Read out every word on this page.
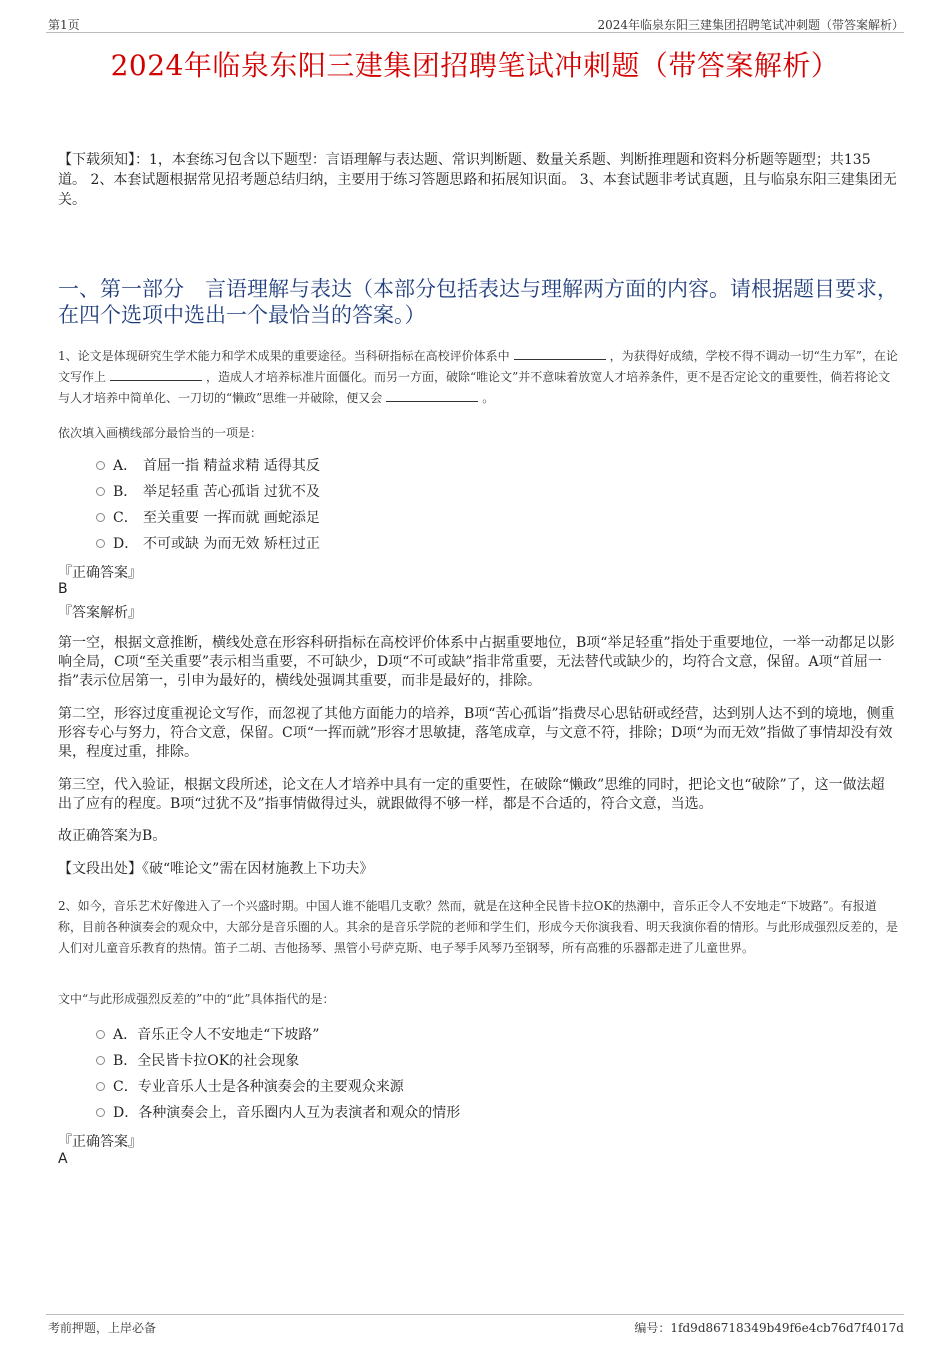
第1页	2024年临泉东阳三建集团招聘笔试冲刺题（带答案解析）
2024年临泉东阳三建集团招聘笔试冲刺题（带答案解析）
【下载须知】：1，本套练习包含以下题型：言语理解与表达题、常识判断题、数量关系题、判断推理题和资料分析题等题型；共135道。 2、本套试题根据常见招考题总结归纳，主要用于练习答题思路和拓展知识面。 3、本套试题非考试真题，且与临泉东阳三建集团无关。
一、第一部分　言语理解与表达（本部分包括表达与理解两方面的内容。请根据题目要求，在四个选项中选出一个最恰当的答案。）
1、论文是体现研究生学术能力和学术成果的重要途径。当科研指标在高校评价体系中	，为获得好成绩，学校不得不调动一切“生力军”，在论文写作上	，造成人才培养标准片面僵化。而另一方面，破除“唯论文”并不意味着放宽人才培养条件，更不是否定论文的重要性，倘若将论文与人才培养中简单化、一刀切的“懒政”思维一并破除，便又会	。
依次填入画横线部分最恰当的一项是：
A． 首屈一指 精益求精 适得其反
B． 举足轻重 苦心孤诣 过犹不及
C． 至关重要 一挥而就 画蛇添足
D． 不可或缺 为而无效 矫枉过正
『正确答案』
B
『答案解析』
第一空，根据文意推断，横线处意在形容科研指标在高校评价体系中占据重要地位，B项“举足轻重”指处于重要地位，一举一动都足以影响全局，C项“至关重要”表示相当重要，不可缺少，D项“不可或缺”指非常重要，无法替代或缺少的，均符合文意，保留。A项“首屈一指”表示位居第一，引申为最好的，横线处强调其重要，而非是最好的，排除。
第二空，形容过度重视论文写作，而忽视了其他方面能力的培养，B项“苦心孤诣”指费尽心思钻研或经营，达到别人达不到的境地，侧重形容专心与努力，符合文意，保留。C项“一挥而就”形容才思敏捷，落笔成章，与文意不符，排除；D项“为而无效”指做了事情却没有效果，程度过重，排除。
第三空，代入验证，根据文段所述，论文在人才培养中具有一定的重要性，在破除“懒政”思维的同时，把论文也“破除”了，这一做法超出了应有的程度。B项“过犹不及”指事情做得过头，就跟做得不够一样，都是不合适的，符合文意，当选。
故正确答案为B。
【文段出处】《破“唯论文”需在因材施教上下功夫》
2、如今，音乐艺术好像进入了一个兴盛时期。中国人谁不能唱几支歌？然而，就是在这种全民皆卡拉OK的热潮中，音乐正令人不安地走“下坡路”。有报道称，目前各种演奏会的观众中，大部分是音乐圈的人。其余的是音乐学院的老师和学生们，形成今天你演我看、明天我演你看的情形。与此形成强烈反差的，是人们对儿童音乐教育的热情。笛子二胡、吉他扬琴、黑管小号萨克斯、电子琴手风琴乃至钢琴，所有高雅的乐器都走进了儿童世界。
文中“与此形成强烈反差的”中的“此”具体指代的是：
A． 音乐正令人不安地走“下坡路”
B． 全民皆卡拉OK的社会现象
C． 专业音乐人士是各种演奏会的主要观众来源
D． 各种演奏会上，音乐圈内人互为表演者和观众的情形
『正确答案』
A
考前押题，上岸必备	编号：1fd9d86718349b49f6e4cb76d7f4017d
